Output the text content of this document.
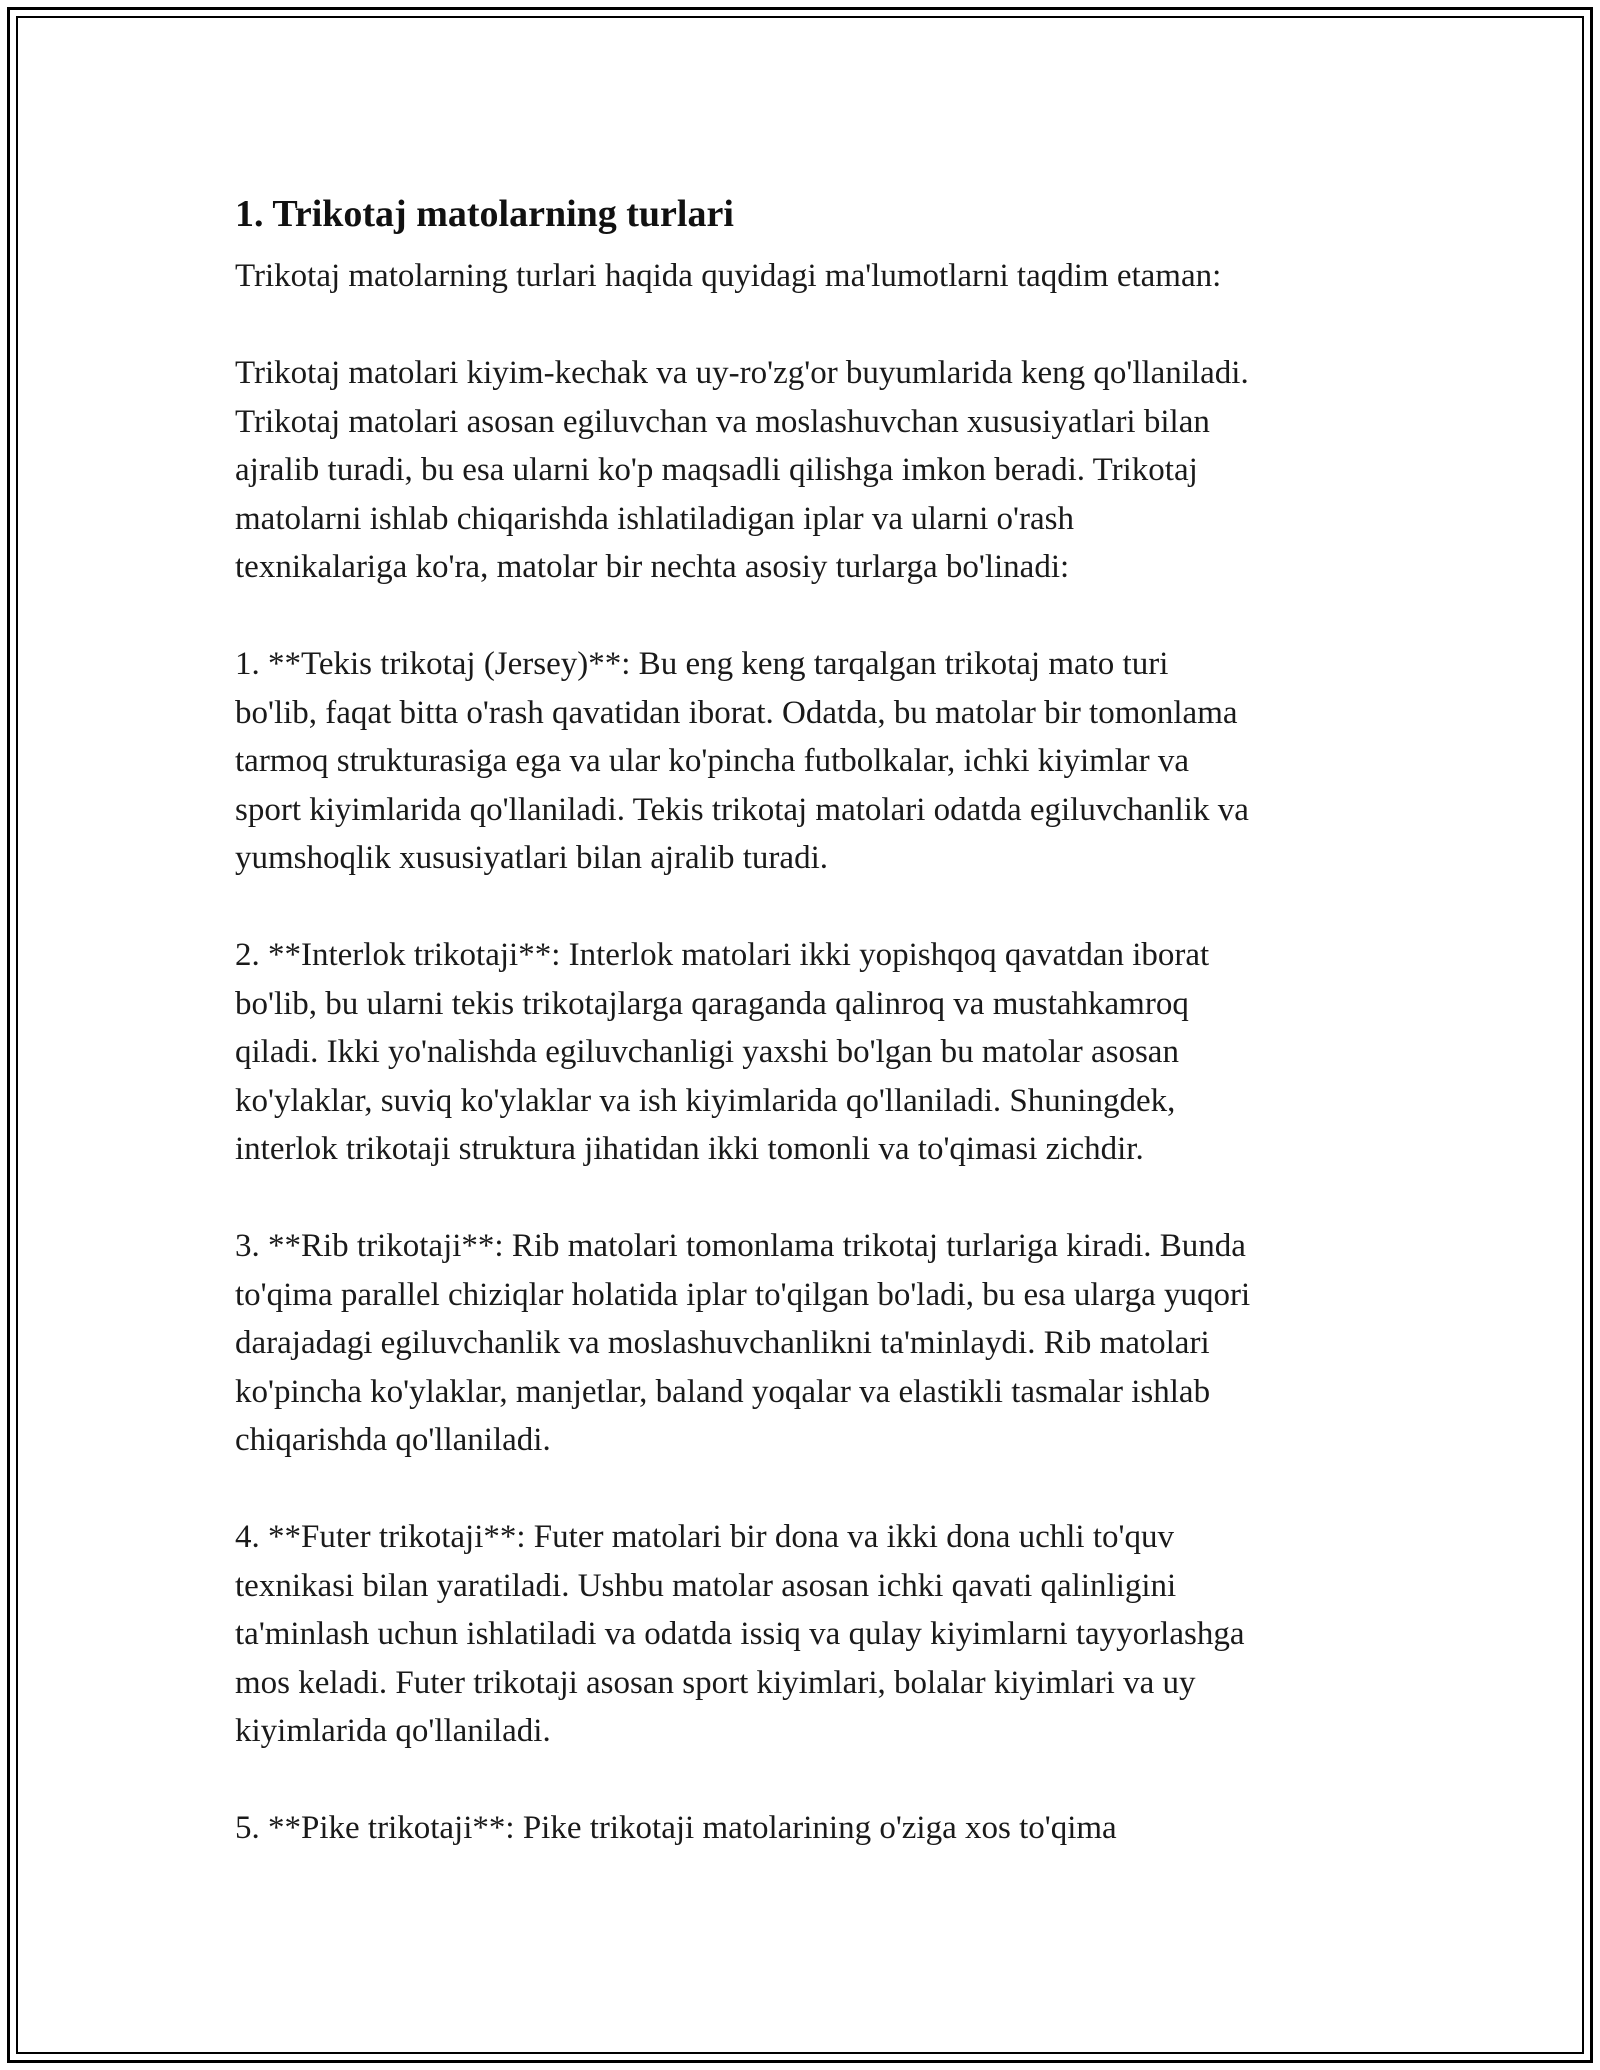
1. Trikotaj matolarning turlari
Trikotaj matolarning turlari haqida quyidagi ma'lumotlarni taqdim etaman:
Trikotaj matolari kiyim-kechak va uy-ro'zg'or buyumlarida keng qo'llaniladi.
Trikotaj matolari asosan egiluvchan va moslashuvchan xususiyatlari bilan
ajralib turadi, bu esa ularni ko'p maqsadli qilishga imkon beradi. Trikotaj
matolarni ishlab chiqarishda ishlatiladigan iplar va ularni o'rash
texnikalariga ko'ra, matolar bir nechta asosiy turlarga bo'linadi:
1. **Tekis trikotaj (Jersey)**: Bu eng keng tarqalgan trikotaj mato turi
bo'lib, faqat bitta o'rash qavatidan iborat. Odatda, bu matolar bir tomonlama
tarmoq strukturasiga ega va ular ko'pincha futbolkalar, ichki kiyimlar va
sport kiyimlarida qo'llaniladi. Tekis trikotaj matolari odatda egiluvchanlik va
yumshoqlik xususiyatlari bilan ajralib turadi.
2. **Interlok trikotaji**: Interlok matolari ikki yopishqoq qavatdan iborat
bo'lib, bu ularni tekis trikotajlarga qaraganda qalinroq va mustahkamroq
qiladi. Ikki yo'nalishda egiluvchanligi yaxshi bo'lgan bu matolar asosan
ko'ylaklar, suviq ko'ylaklar va ish kiyimlarida qo'llaniladi. Shuningdek,
interlok trikotaji struktura jihatidan ikki tomonli va to'qimasi zichdir.
3. **Rib trikotaji**: Rib matolari tomonlama trikotaj turlariga kiradi. Bunda
to'qima parallel chiziqlar holatida iplar to'qilgan bo'ladi, bu esa ularga yuqori
darajadagi egiluvchanlik va moslashuvchanlikni ta'minlaydi. Rib matolari
ko'pincha ko'ylaklar, manjetlar, baland yoqalar va elastikli tasmalar ishlab
chiqarishda qo'llaniladi.
4. **Futer trikotaji**: Futer matolari bir dona va ikki dona uchli to'quv
texnikasi bilan yaratiladi. Ushbu matolar asosan ichki qavati qalinligini
ta'minlash uchun ishlatiladi va odatda issiq va qulay kiyimlarni tayyorlashga
mos keladi. Futer trikotaji asosan sport kiyimlari, bolalar kiyimlari va uy
kiyimlarida qo'llaniladi.
5. **Pike trikotaji**: Pike trikotaji matolarining o'ziga xos to'qima
